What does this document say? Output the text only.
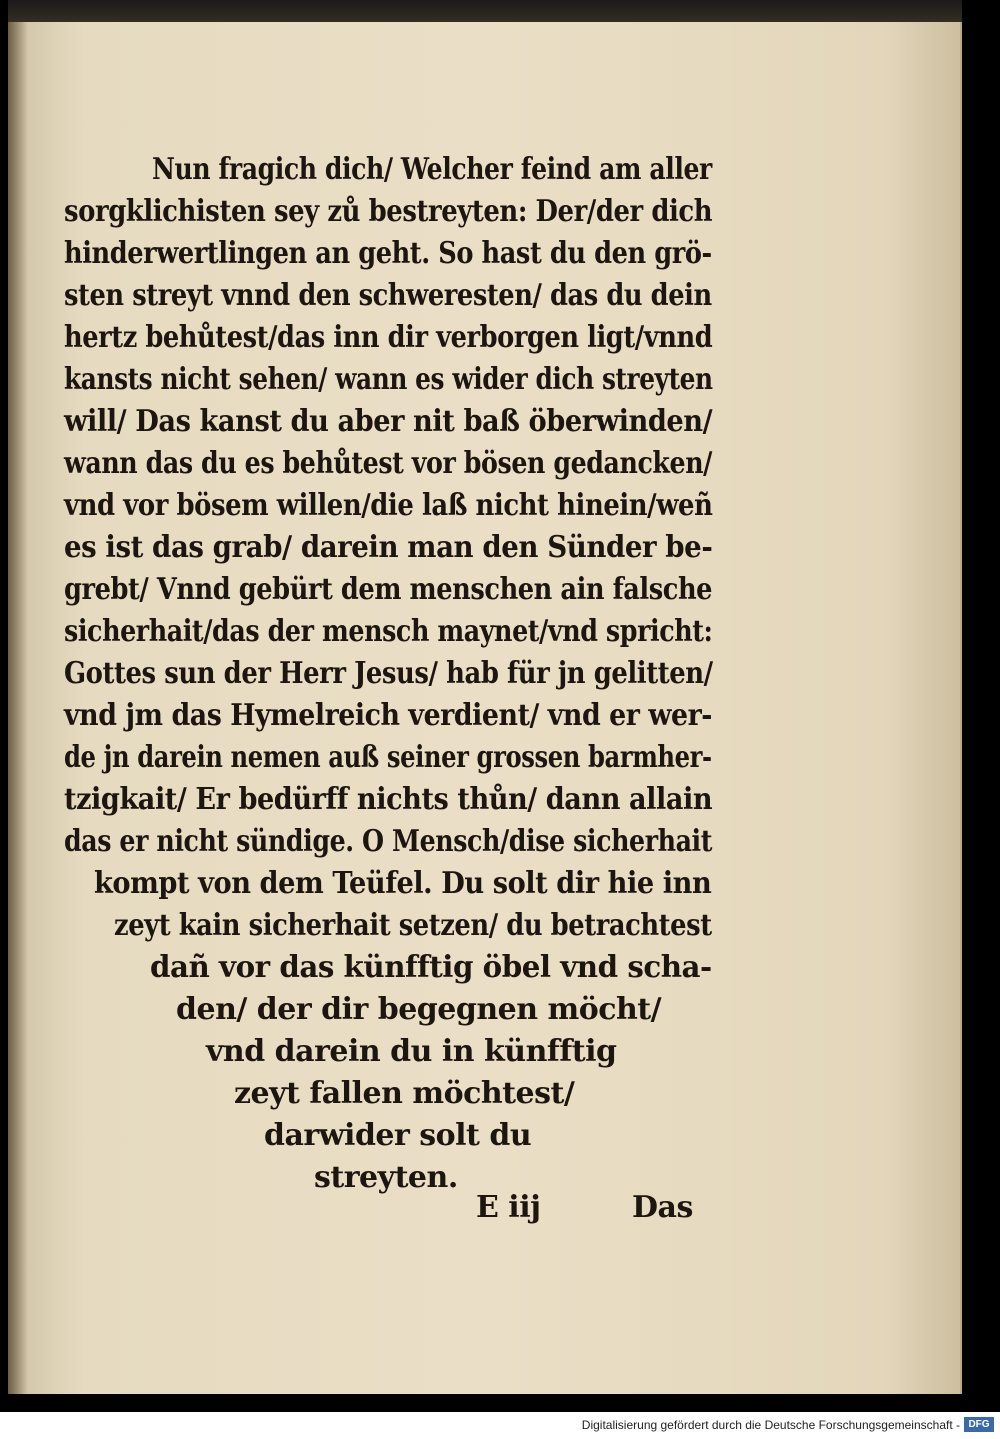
Nun fragich dich/ Welcher feind am aller
sorgklichisten sey zů bestreyten: Der/der dich
hinderwertlingen an geht. So hast du den grö-
sten streyt vnnd den schweresten/ das du dein
hertz behůtest/das inn dir verborgen ligt/vnnd
kansts nicht sehen/ wann es wider dich streyten
will/ Das kanst du aber nit baß öberwinden/
wann das du es behůtest vor bösen gedancken/
vnd vor bösem willen/die laß nicht hinein/weñ
es ist das grab/ darein man den Sünder be-
grebt/ Vnnd gebürt dem menschen ain falsche
sicherhait/das der mensch maynet/vnd spricht:
Gottes sun der Herr Jesus/ hab für jn gelitten/
vnd jm das Hymelreich verdient/ vnd er wer-
de jn darein nemen auß seiner grossen barmher-
tzigkait/ Er bedürff nichts thůn/ dann allain
das er nicht sündige. O Mensch/dise sicherhait
kompt von dem Teüfel. Du solt dir hie inn
zeyt kain sicherhait setzen/ du betrachtest
dañ vor das künfftig öbel vnd scha-
den/ der dir begegnen möcht/
vnd darein du in künfftig
zeyt fallen möchtest/
darwider solt du
streyten.
E iij	Das
Digitalisierung gefördert durch die Deutsche Forschungsgemeinschaft - DFG
